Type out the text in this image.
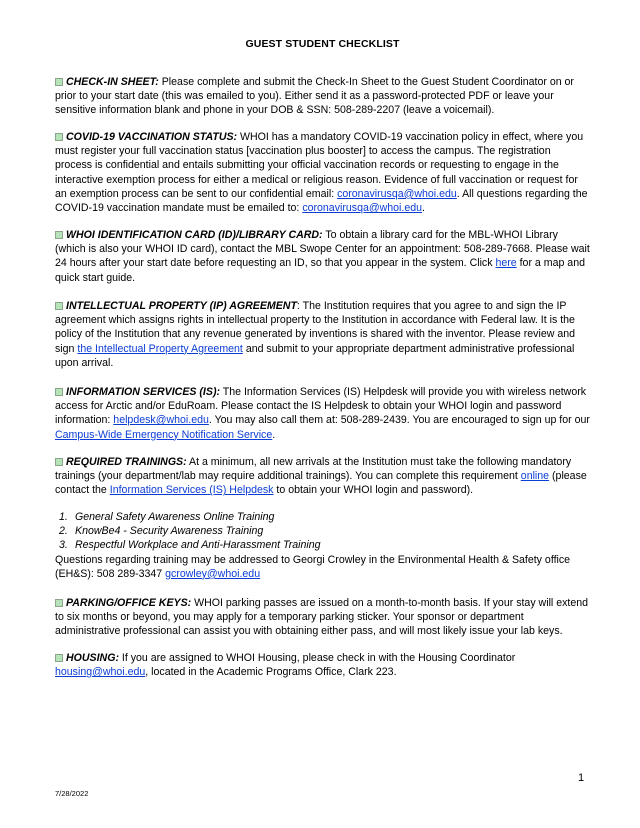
GUEST STUDENT CHECKLIST
CHECK-IN SHEET: Please complete and submit the Check-In Sheet to the Guest Student Coordinator on or prior to your start date (this was emailed to you). Either send it as a password-protected PDF or leave your sensitive information blank and phone in your DOB & SSN: 508-289-2207 (leave a voicemail).
COVID-19 VACCINATION STATUS: WHOI has a mandatory COVID-19 vaccination policy in effect, where you must register your full vaccination status [vaccination plus booster] to access the campus. The registration process is confidential and entails submitting your official vaccination records or requesting to engage in the interactive exemption process for either a medical or religious reason. Evidence of full vaccination or request for an exemption process can be sent to our confidential email: coronavirusqa@whoi.edu. All questions regarding the COVID-19 vaccination mandate must be emailed to: coronavirusqa@whoi.edu.
WHOI IDENTIFICATION CARD (ID)/LIBRARY CARD: To obtain a library card for the MBL-WHOI Library (which is also your WHOI ID card), contact the MBL Swope Center for an appointment: 508-289-7668. Please wait 24 hours after your start date before requesting an ID, so that you appear in the system. Click here for a map and quick start guide.
INTELLECTUAL PROPERTY (IP) AGREEMENT: The Institution requires that you agree to and sign the IP agreement which assigns rights in intellectual property to the Institution in accordance with Federal law. It is the policy of the Institution that any revenue generated by inventions is shared with the inventor. Please review and sign the Intellectual Property Agreement and submit to your appropriate department administrative professional upon arrival.
INFORMATION SERVICES (IS): The Information Services (IS) Helpdesk will provide you with wireless network access for Arctic and/or EduRoam. Please contact the IS Helpdesk to obtain your WHOI login and password information: helpdesk@whoi.edu. You may also call them at: 508-289-2439. You are encouraged to sign up for our Campus-Wide Emergency Notification Service.
REQUIRED TRAININGS: At a minimum, all new arrivals at the Institution must take the following mandatory trainings (your department/lab may require additional trainings). You can complete this requirement online (please contact the Information Services (IS) Helpdesk to obtain your WHOI login and password).
1. General Safety Awareness Online Training
2. KnowBe4 - Security Awareness Training
3. Respectful Workplace and Anti-Harassment Training
Questions regarding training may be addressed to Georgi Crowley in the Environmental Health & Safety office (EH&S): 508 289-3347 gcrowley@whoi.edu
PARKING/OFFICE KEYS: WHOI parking passes are issued on a month-to-month basis. If your stay will extend to six months or beyond, you may apply for a temporary parking sticker. Your sponsor or department administrative professional can assist you with obtaining either pass, and will most likely issue your lab keys.
HOUSING: If you are assigned to WHOI Housing, please check in with the Housing Coordinator housing@whoi.edu, located in the Academic Programs Office, Clark 223.
7/28/2022
1
